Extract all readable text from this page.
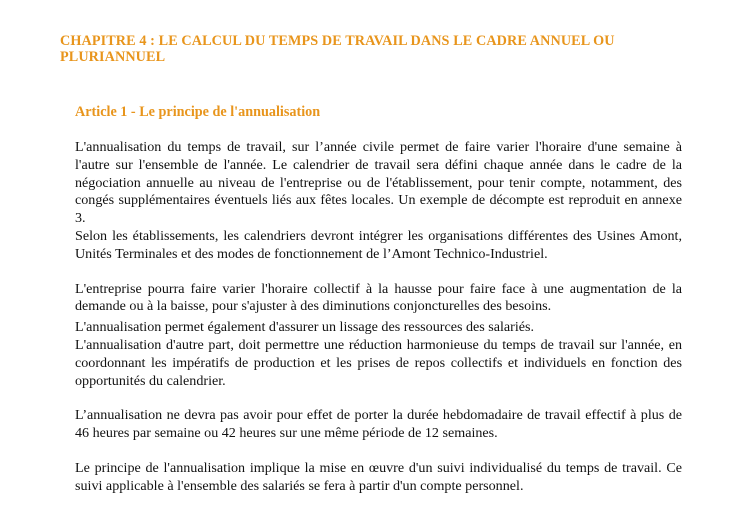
CHAPITRE 4 : LE CALCUL DU TEMPS DE TRAVAIL DANS LE CADRE ANNUEL OU PLURIANNUEL
Article 1 - Le principe de l'annualisation

L'annualisation du temps de travail, sur l’année civile permet de faire varier l'horaire d'une semaine à l'autre sur l'ensemble de l'année. Le calendrier de travail sera défini chaque année dans le cadre de la négociation annuelle au niveau de l'entreprise ou de l'établissement, pour tenir compte, notamment, des congés supplémentaires éventuels liés aux fêtes locales. Un exemple de décompte est reproduit en annexe 3.

Selon les établissements, les calendriers devront intégrer les organisations différentes des Usines Amont, Unités Terminales et des modes de fonctionnement de l’Amont Technico-Industriel.

L'entreprise pourra faire varier l'horaire collectif à la hausse pour faire face à une augmentation de la demande ou à la baisse, pour s'ajuster à des diminutions conjoncturelles des besoins.

L'annualisation permet également d'assurer un lissage des ressources des salariés.

L'annualisation d'autre part, doit permettre une réduction harmonieuse du temps de travail sur l'année, en coordonnant les impératifs de production et les prises de repos collectifs et individuels en fonction des opportunités du calendrier.

L’annualisation ne devra pas avoir pour effet de porter la durée hebdomadaire de travail effectif à plus de 46 heures par semaine ou 42 heures sur une même période de 12 semaines.

Le principe de l'annualisation implique la mise en œuvre d'un suivi individualisé du temps de travail. Ce suivi applicable à l'ensemble des salariés se fera à partir d'un compte personnel.
